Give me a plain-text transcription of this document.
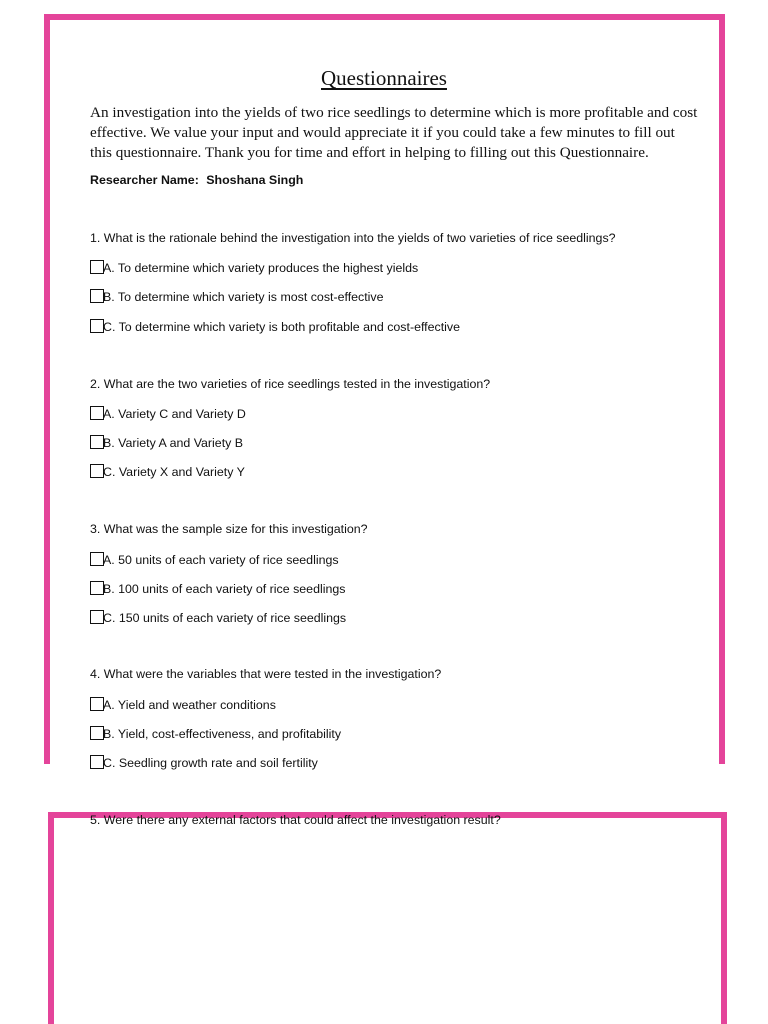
Questionnaires
An investigation into the yields of two rice seedlings to determine which is more profitable and cost effective. We value your input and would appreciate it if you could take a few minutes to fill out this questionnaire. Thank you for time and effort in helping to filling out this Questionnaire.
Researcher Name: Shoshana Singh
1. What is the rationale behind the investigation into the yields of two varieties of rice seedlings?
A. To determine which variety produces the highest yields
B. To determine which variety is most cost-effective
C. To determine which variety is both profitable and cost-effective
2. What are the two varieties of rice seedlings tested in the investigation?
A. Variety C and Variety D
B. Variety A and Variety B
C. Variety X and Variety Y
3. What was the sample size for this investigation?
A. 50 units of each variety of rice seedlings
B. 100 units of each variety of rice seedlings
C. 150 units of each variety of rice seedlings
4. What were the variables that were tested in the investigation?
A. Yield and weather conditions
B. Yield, cost-effectiveness, and profitability
C. Seedling growth rate and soil fertility
5. Were there any external factors that could affect the investigation result?
